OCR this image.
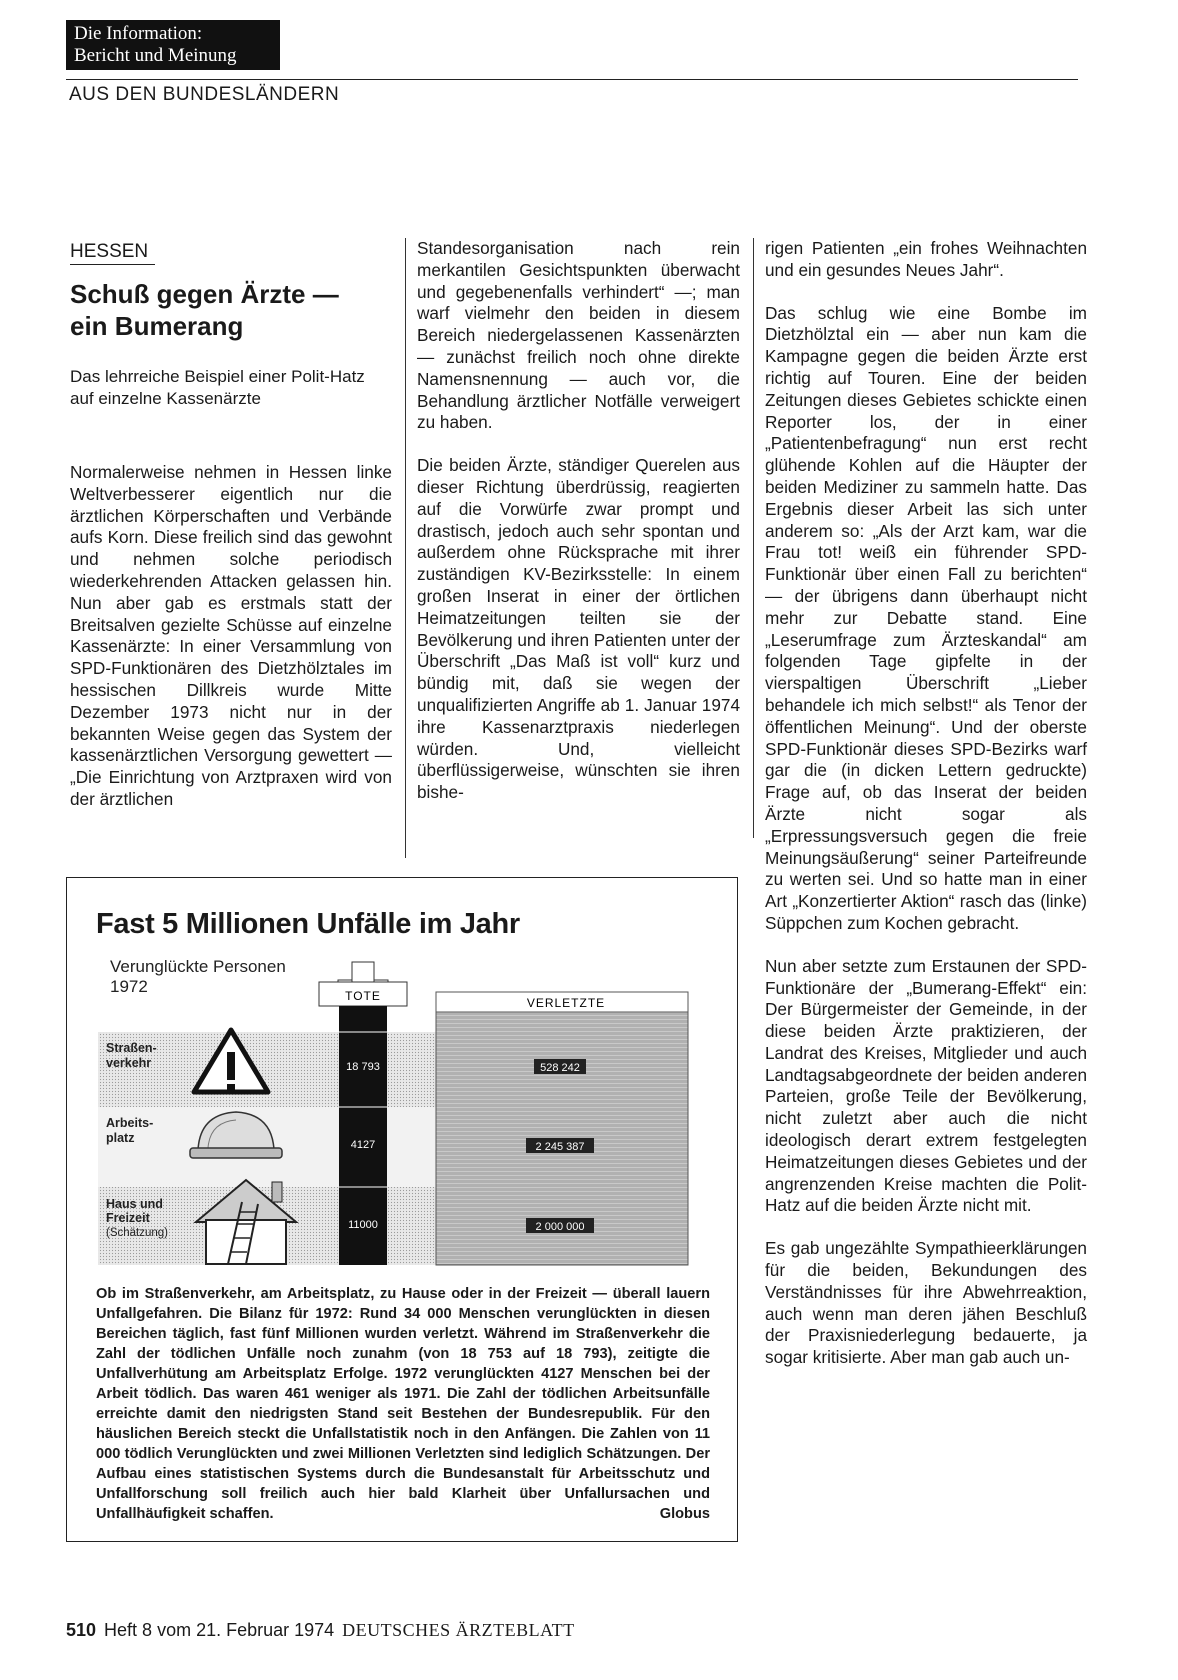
Die Information:
Bericht und Meinung
AUS DEN BUNDESLÄNDERN
HESSEN
Schuß gegen Ärzte — ein Bumerang
Das lehrreiche Beispiel einer Polit-Hatz auf einzelne Kassenärzte

Normalerweise nehmen in Hessen linke Weltverbesserer eigentlich nur die ärztlichen Körperschaften und Verbände aufs Korn. Diese freilich sind das gewohnt und nehmen solche periodisch wiederkehrenden Attacken gelassen hin. Nun aber gab es erstmals statt der Breitsalven gezielte Schüsse auf einzelne Kassenärzte: In einer Versammlung von SPD-Funktionären des Dietzhölztales im hessischen Dillkreis wurde Mitte Dezember 1973 nicht nur in der bekannten Weise gegen das System der kassenärztlichen Versorgung gewettert — „Die Einrichtung von Arztpraxen wird von der ärztlichen

Standesorganisation nach rein merkantilen Gesichtspunkten überwacht und gegebenenfalls verhindert“ —; man warf vielmehr den beiden in diesem Bereich niedergelassenen Kassenärzten — zunächst freilich noch ohne direkte Namensnennung — auch vor, die Behandlung ärztlicher Notfälle verweigert zu haben.

Die beiden Ärzte, ständiger Querelen aus dieser Richtung überdrüssig, reagierten auf die Vorwürfe zwar prompt und drastisch, jedoch auch sehr spontan und außerdem ohne Rücksprache mit ihrer zuständigen KV-Bezirksstelle: In einem großen Inserat in einer der örtlichen Heimatzeitungen teilten sie der Bevölkerung und ihren Patienten unter der Überschrift „Das Maß ist voll“ kurz und bündig mit, daß sie wegen der unqualifizierten Angriffe ab 1. Januar 1974 ihre Kassenarztpraxis niederlegen würden. Und, vielleicht überflüssigerweise, wünschten sie ihren bishe-

rigen Patienten „ein frohes Weihnachten und ein gesundes Neues Jahr“.

Das schlug wie eine Bombe im Dietzhölztal ein — aber nun kam die Kampagne gegen die beiden Ärzte erst richtig auf Touren. Eine der beiden Zeitungen dieses Gebietes schickte einen Reporter los, der in einer „Patientenbefragung“ nun erst recht glühende Kohlen auf die Häupter der beiden Mediziner zu sammeln hatte. Das Ergebnis dieser Arbeit las sich unter anderem so: „Als der Arzt kam, war die Frau tot! weiß ein führender SPD-Funktionär über einen Fall zu berichten“ — der übrigens dann überhaupt nicht mehr zur Debatte stand. Eine „Leserumfrage zum Ärzteskandal“ am folgenden Tage gipfelte in der vierspaltigen Überschrift „Lieber behandele ich mich selbst!“ als Tenor der öffentlichen Meinung“. Und der oberste SPD-Funktionär dieses SPD-Bezirks warf gar die (in dicken Lettern gedruckte) Frage auf, ob das Inserat der beiden Ärzte nicht sogar als „Erpressungsversuch gegen die freie Meinungsäußerung“ seiner Parteifreunde zu werten sei. Und so hatte man in einer Art „Konzertierter Aktion“ rasch das (linke) Süppchen zum Kochen gebracht.

Nun aber setzte zum Erstaunen der SPD-Funktionäre der „Bumerang-Effekt“ ein: Der Bürgermeister der Gemeinde, in der diese beiden Ärzte praktizieren, der Landrat des Kreises, Mitglieder und auch Landtagsabgeordnete der beiden anderen Parteien, große Teile der Bevölkerung, nicht zuletzt aber auch die nicht ideologisch derart extrem festgelegten Heimatzeitungen dieses Gebietes und der angrenzenden Kreise machten die Polit-Hatz auf die beiden Ärzte nicht mit.

Es gab ungezählte Sympathieerklärungen für die beiden, Bekundungen des Verständnisses für ihre Abwehrreaktion, auch wenn man deren jähen Beschluß der Praxisniederlegung bedauerte, ja sogar kritisierte. Aber man gab auch un-

Fast 5 Millionen Unfälle im Jahr
Verunglückte Personen
1972
VERLETZTE
TOTE
Straßen-
verkehr
Arbeits-
platz
Haus und
Freizeit
(Schätzung)
18 793
4127
11000
528 242
2 245 387
2 000 000
Ob im Straßenverkehr, am Arbeitsplatz, zu Hause oder in der Freizeit — überall lauern Unfallgefahren. Die Bilanz für 1972: Rund 34 000 Menschen verunglückten in diesen Bereichen täglich, fast fünf Millionen wurden verletzt. Während im Straßenverkehr die Zahl der tödlichen Unfälle noch zunahm (von 18 753 auf 18 793), zeitigte die Unfallverhütung am Arbeitsplatz Erfolge. 1972 verunglückten 4127 Menschen bei der Arbeit tödlich. Das waren 461 weniger als 1971. Die Zahl der tödlichen Arbeitsunfälle erreichte damit den niedrigsten Stand seit Bestehen der Bundesrepublik. Für den häuslichen Bereich steckt die Unfallstatistik noch in den Anfängen. Die Zahlen von 11 000 tödlich Verunglückten und zwei Millionen Verletzten sind lediglich Schätzungen. Der Aufbau eines statistischen Systems durch die Bundesanstalt für Arbeitsschutz und Unfallforschung soll freilich auch hier bald Klarheit über Unfallursachen und Unfallhäufigkeit schaffen.	Globus
510 Heft 8 vom 21. Februar 1974 DEUTSCHES ÄRZTEBLATT
